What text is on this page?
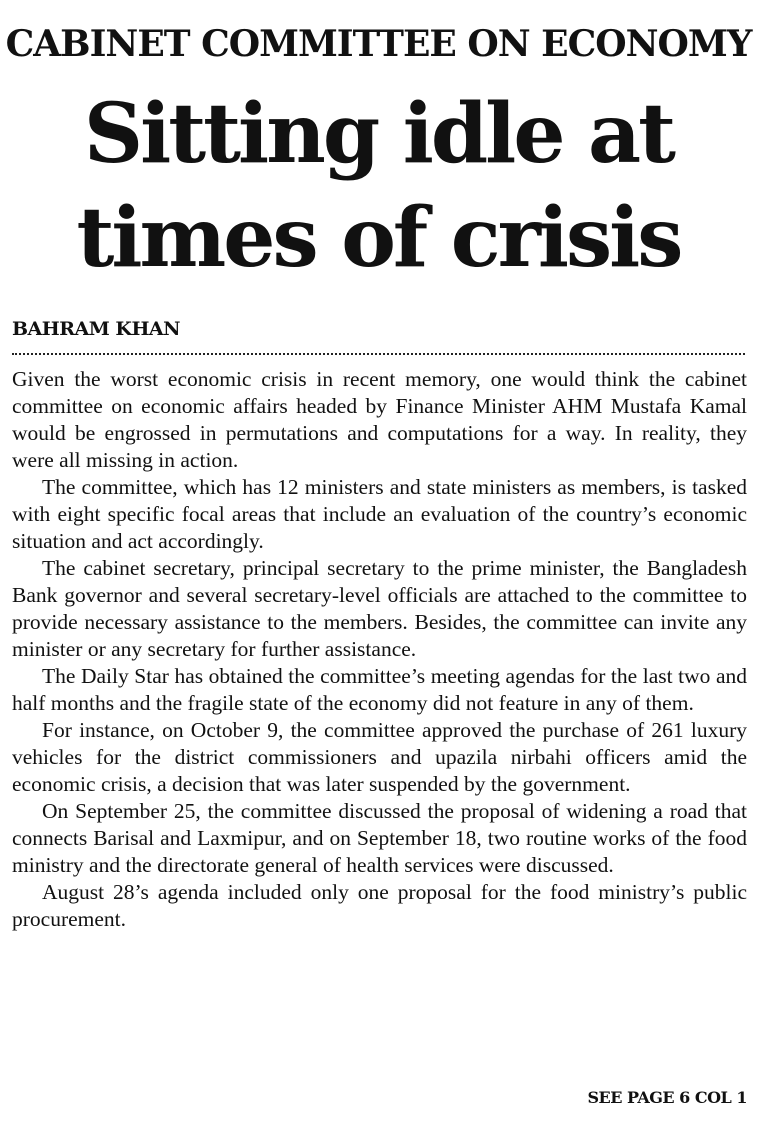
CABINET COMMITTEE ON ECONOMY
Sitting idle at
times of crisis
BAHRAM KHAN

Given the worst economic crisis in recent memory, one would think the cabinet committee on economic affairs headed by Finance Minister AHM Mustafa Kamal would be engrossed in permutations and computations for a way. In reality, they were all missing in action.

The committee, which has 12 ministers and state ministers as members, is tasked with eight specific focal areas that include an evaluation of the country’s economic situation and act accordingly.

The cabinet secretary, principal secretary to the prime minister, the Bangladesh Bank governor and several secretary-level officials are attached to the committee to provide necessary assistance to the members. Besides, the committee can invite any minister or any secretary for further assistance.

The Daily Star has obtained the committee’s meeting agendas for the last two and half months and the fragile state of the economy did not feature in any of them.

For instance, on October 9, the committee approved the purchase of 261 luxury vehicles for the district commissioners and upazila nirbahi officers amid the economic crisis, a decision that was later suspended by the government.

On September 25, the committee discussed the proposal of widening a road that connects Barisal and Laxmipur, and on September 18, two routine works of the food ministry and the directorate general of health services were discussed.

August 28’s agenda included only one proposal for the food ministry’s public procurement.

SEE PAGE 6 COL 1
